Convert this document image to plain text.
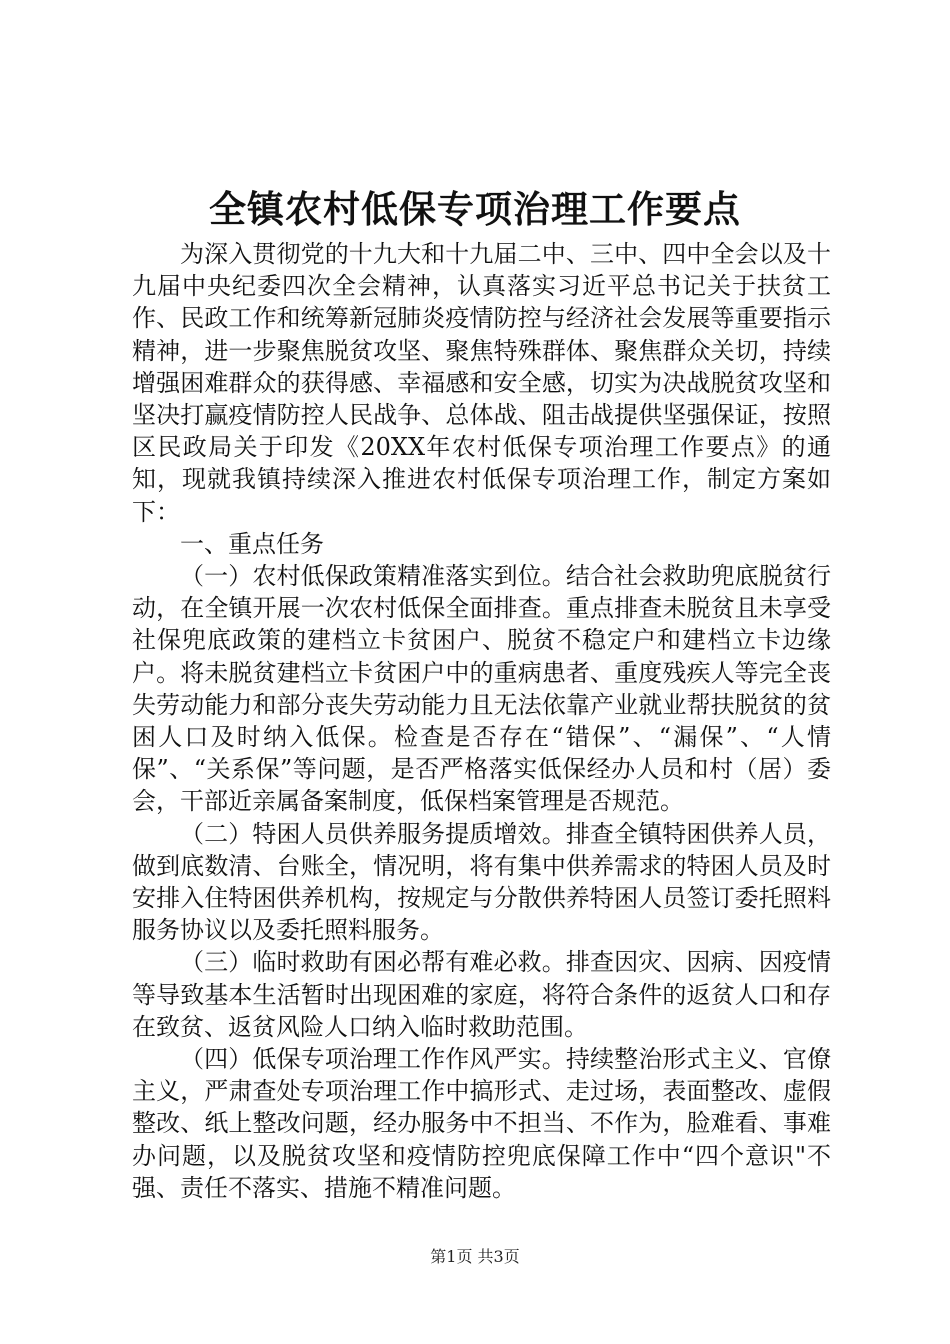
全镇农村低保专项治理工作要点

为深入贯彻党的十九大和十九届二中、三中、四中全会以及十九届中央纪委四次全会精神，认真落实习近平总书记关于扶贫工作、民政工作和统筹新冠肺炎疫情防控与经济社会发展等重要指示精神，进一步聚焦脱贫攻坚、聚焦特殊群体、聚焦群众关切，持续增强困难群众的获得感、幸福感和安全感，切实为决战脱贫攻坚和坚决打赢疫情防控人民战争、总体战、阻击战提供坚强保证，按照区民政局关于印发《20XX年农村低保专项治理工作要点》的通知，现就我镇持续深入推进农村低保专项治理工作，制定方案如下：

一、重点任务

（一）农村低保政策精准落实到位。结合社会救助兜底脱贫行动，在全镇开展一次农村低保全面排查。重点排查未脱贫且未享受社保兜底政策的建档立卡贫困户、脱贫不稳定户和建档立卡边缘户。将未脱贫建档立卡贫困户中的重病患者、重度残疾人等完全丧失劳动能力和部分丧失劳动能力且无法依靠产业就业帮扶脱贫的贫困人口及时纳入低保。检查是否存在“错保”、“漏保”、“人情保”、“关系保”等问题，是否严格落实低保经办人员和村（居）委会，干部近亲属备案制度，低保档案管理是否规范。

（二）特困人员供养服务提质增效。排查全镇特困供养人员，做到底数清、台账全，情况明，将有集中供养需求的特困人员及时安排入住特困供养机构，按规定与分散供养特困人员签订委托照料服务协议以及委托照料服务。

（三）临时救助有困必帮有难必救。排查因灾、因病、因疫情等导致基本生活暂时出现困难的家庭，将符合条件的返贫人口和存在致贫、返贫风险人口纳入临时救助范围。

（四）低保专项治理工作作风严实。持续整治形式主义、官僚主义，严肃查处专项治理工作中搞形式、走过场，表面整改、虚假整改、纸上整改问题，经办服务中不担当、不作为，脸难看、事难办问题，以及脱贫攻坚和疫情防控兜底保障工作中“四个意识"不强、责任不落实、措施不精准问题。

第1页 共3页
